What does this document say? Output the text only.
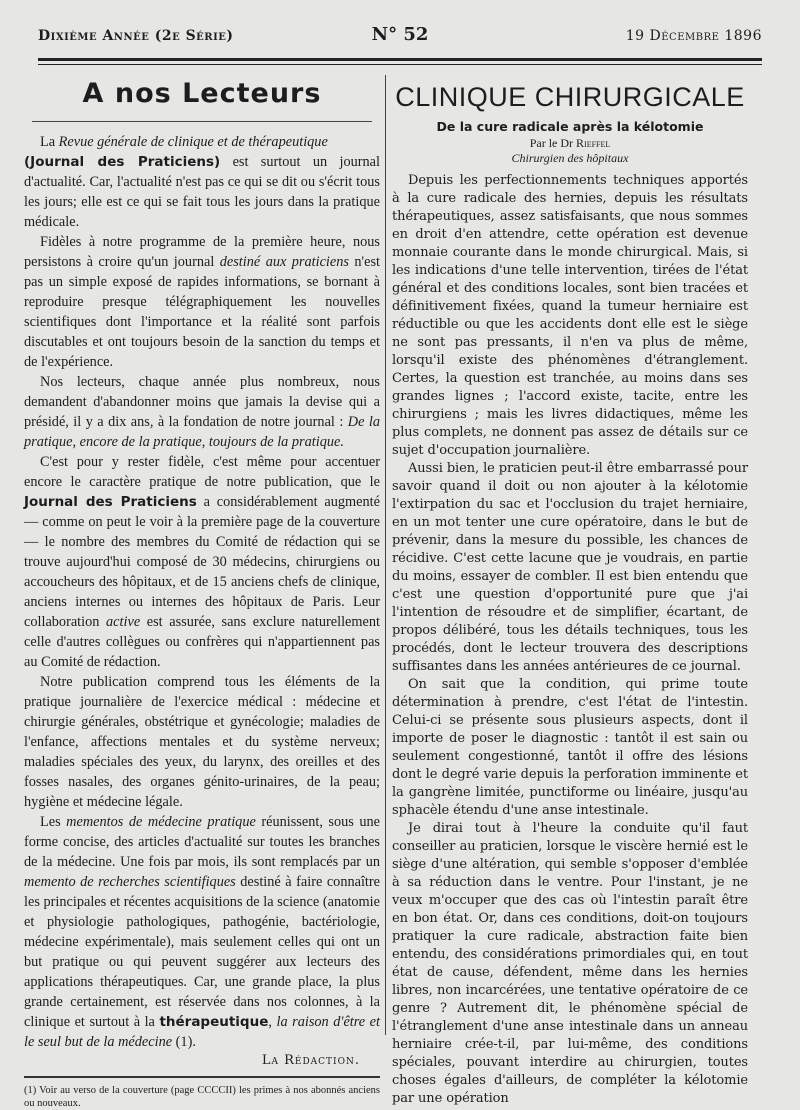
Dixième Année (2e Série)	N° 52	19 Décembre 1896
A nos Lecteurs

La Revue générale de clinique et de thérapeutique
(Journal des Praticiens) est surtout un journal d'actualité. Car, l'actualité n'est pas ce qui se dit ou s'écrit tous les jours; elle est ce qui se fait tous les jours dans la pratique médicale.

Fidèles à notre programme de la première heure, nous persistons à croire qu'un journal destiné aux praticiens n'est pas un simple exposé de rapides informations, se bornant à reproduire presque télégraphiquement les nouvelles scientifiques dont l'importance et la réalité sont parfois discutables et ont toujours besoin de la sanction du temps et de l'expérience.

Nos lecteurs, chaque année plus nombreux, nous demandent d'abandonner moins que jamais la devise qui a présidé, il y a dix ans, à la fondation de notre journal : De la pratique, encore de la pratique, toujours de la pratique.

C'est pour y rester fidèle, c'est même pour accentuer encore le caractère pratique de notre publication, que le Journal des Praticiens a considérablement augmenté — comme on peut le voir à la première page de la couverture — le nombre des membres du Comité de rédaction qui se trouve aujourd'hui composé de 30 médecins, chirurgiens ou accoucheurs des hôpitaux, et de 15 anciens chefs de clinique, anciens internes ou internes des hôpitaux de Paris. Leur collaboration active est assurée, sans exclure naturellement celle d'autres collègues ou confrères qui n'appartiennent pas au Comité de rédaction.

Notre publication comprend tous les éléments de la pratique journalière de l'exercice médical : médecine et chirurgie générales, obstétrique et gynécologie; maladies de l'enfance, affections mentales et du système nerveux; maladies spéciales des yeux, du larynx, des oreilles et des fosses nasales, des organes génito-urinaires, de la peau; hygiène et médecine légale.

Les mementos de médecine pratique réunissent, sous une forme concise, des articles d'actualité sur toutes les branches de la médecine. Une fois par mois, ils sont remplacés par un memento de recherches scientifiques destiné à faire connaître les principales et récentes acquisitions de la science (anatomie et physiologie pathologiques, pathogénie, bactériologie, médecine expérimentale), mais seulement celles qui ont un but pratique ou qui peuvent suggérer aux lecteurs des applications thérapeutiques. Car, une grande place, la plus grande certainement, est réservée dans nos colonnes, à la clinique et surtout à la thérapeutique, la raison d'être et le seul but de la médecine (1).

La Rédaction.

(1) Voir au verso de la couverture (page CCCCII) les primes à nos abonnés anciens ou nouveaux.

CLINIQUE CHIRURGICALE
De la cure radicale après la kélotomie
Par le Dr Rieffel
Chirurgien des hôpitaux

Depuis les perfectionnements techniques apportés à la cure radicale des hernies, depuis les résultats thérapeutiques, assez satisfaisants, que nous sommes en droit d'en attendre, cette opération est devenue monnaie courante dans le monde chirurgical. Mais, si les indications d'une telle intervention, tirées de l'état général et des conditions locales, sont bien tracées et définitivement fixées, quand la tumeur herniaire est réductible ou que les accidents dont elle est le siège ne sont pas pressants, il n'en va plus de même, lorsqu'il existe des phénomènes d'étranglement. Certes, la question est tranchée, au moins dans ses grandes lignes ; l'accord existe, tacite, entre les chirurgiens ; mais les livres didactiques, même les plus complets, ne donnent pas assez de détails sur ce sujet d'occupation journalière.

Aussi bien, le praticien peut-il être embarrassé pour savoir quand il doit ou non ajouter à la kélotomie l'extirpation du sac et l'occlusion du trajet herniaire, en un mot tenter une cure opératoire, dans le but de prévenir, dans la mesure du possible, les chances de récidive. C'est cette lacune que je voudrais, en partie du moins, essayer de combler. Il est bien entendu que c'est une question d'opportunité pure que j'ai l'intention de résoudre et de simplifier, écartant, de propos délibéré, tous les détails techniques, tous les procédés, dont le lecteur trouvera des descriptions suffisantes dans les années antérieures de ce journal.

On sait que la condition, qui prime toute détermination à prendre, c'est l'état de l'intestin. Celui-ci se présente sous plusieurs aspects, dont il importe de poser le diagnostic : tantôt il est sain ou seulement congestionné, tantôt il offre des lésions dont le degré varie depuis la perforation imminente et la gangrène limitée, punctiforme ou linéaire, jusqu'au sphacèle étendu d'une anse intestinale.

Je dirai tout à l'heure la conduite qu'il faut conseiller au praticien, lorsque le viscère hernié est le siège d'une altération, qui semble s'opposer d'emblée à sa réduction dans le ventre. Pour l'instant, je ne veux m'occuper que des cas où l'intestin paraît être en bon état. Or, dans ces conditions, doit-on toujours pratiquer la cure radicale, abstraction faite bien entendu, des considérations primordiales qui, en tout état de cause, défendent, même dans les hernies libres, non incarcérées, une tentative opératoire de ce genre ? Autrement dit, le phénomène spécial de l'étranglement d'une anse intestinale dans un anneau herniaire crée-t-il, par lui-même, des conditions spéciales, pouvant interdire au chirurgien, toutes choses égales d'ailleurs, de compléter la kélotomie par une opération
